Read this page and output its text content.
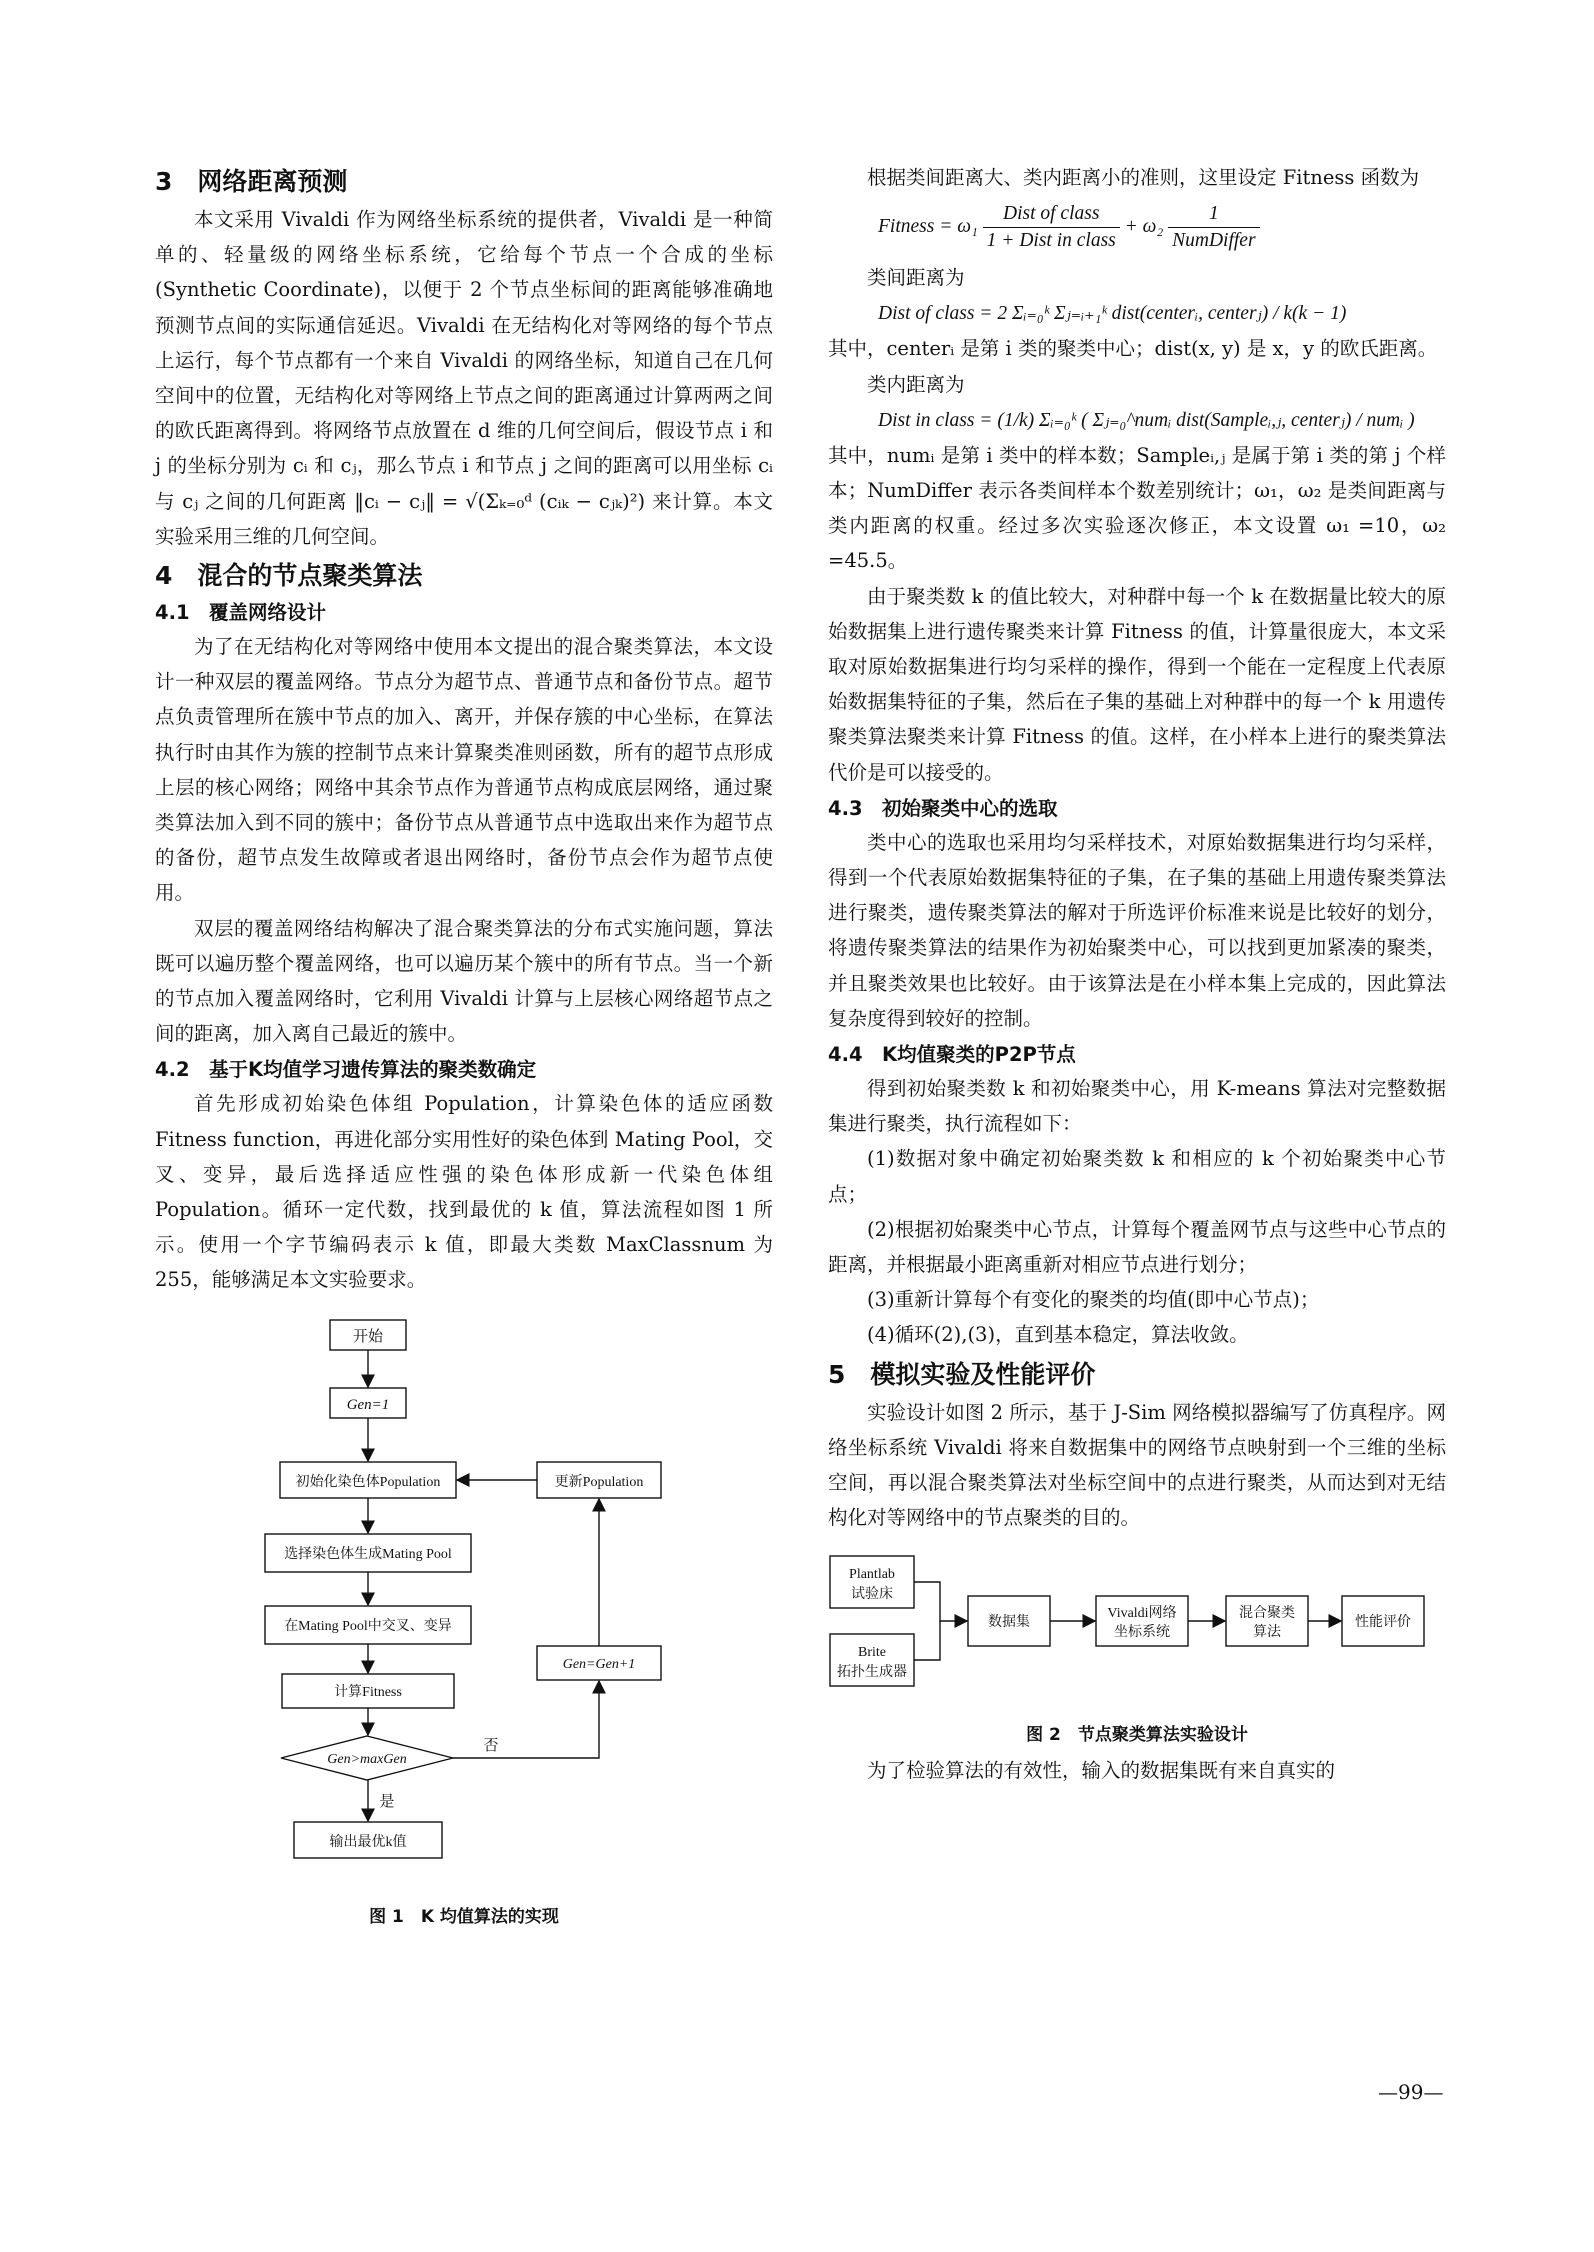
3　网络距离预测

本文采用 Vivaldi 作为网络坐标系统的提供者，Vivaldi 是一种简单的、轻量级的网络坐标系统，它给每个节点一个合成的坐标(Synthetic Coordinate)，以便于 2 个节点坐标间的距离能够准确地预测节点间的实际通信延迟。Vivaldi 在无结构化对等网络的每个节点上运行，每个节点都有一个来自 Vivaldi 的网络坐标，知道自己在几何空间中的位置，无结构化对等网络上节点之间的距离通过计算两两之间的欧氏距离得到。将网络节点放置在 d 维的几何空间后，假设节点 i 和 j 的坐标分别为 cᵢ 和 cⱼ，那么节点 i 和节点 j 之间的距离可以用坐标 cᵢ 与 cⱼ 之间的几何距离 ‖cᵢ − cⱼ‖ = √(Σₖ₌₀ᵈ (cᵢₖ − cⱼₖ)²) 来计算。本文实验采用三维的几何空间。

4　混合的节点聚类算法
4.1　覆盖网络设计

为了在无结构化对等网络中使用本文提出的混合聚类算法，本文设计一种双层的覆盖网络。节点分为超节点、普通节点和备份节点。超节点负责管理所在簇中节点的加入、离开，并保存簇的中心坐标，在算法执行时由其作为簇的控制节点来计算聚类准则函数，所有的超节点形成上层的核心网络；网络中其余节点作为普通节点构成底层网络，通过聚类算法加入到不同的簇中；备份节点从普通节点中选取出来作为超节点的备份，超节点发生故障或者退出网络时，备份节点会作为超节点使用。

双层的覆盖网络结构解决了混合聚类算法的分布式实施问题，算法既可以遍历整个覆盖网络，也可以遍历某个簇中的所有节点。当一个新的节点加入覆盖网络时，它利用 Vivaldi 计算与上层核心网络超节点之间的距离，加入离自己最近的簇中。

4.2　基于K均值学习遗传算法的聚类数确定

首先形成初始染色体组 Population，计算染色体的适应函数 Fitness function，再进化部分实用性好的染色体到 Mating Pool，交叉、变异，最后选择适应性强的染色体形成新一代染色体组 Population。循环一定代数，找到最优的 k 值，算法流程如图 1 所示。使用一个字节编码表示 k 值，即最大类数 MaxClassnum 为 255，能够满足本文实验要求。

开始
Gen=1
初始化染色体Population	更新Population
选择染色体生成Mating Pool
在Mating Pool中交叉、变异
Gen=Gen+1
计算Fitness
Gen>maxGen
否
是
输出最优k值
图 1　K 均值算法的实现

根据类间距离大、类内距离小的准则，这里设定 Fitness 函数为

Fitness = $\omega_1 \frac{\text{Dist of class}}{\text{1 + Dist in class}} + \omega_2 \frac{1}{\text{NumDiffer}}$

类间距离为

Dist of class = 2 Σᵢ₌₀ᵏ Σⱼ₌ᵢ₊₁ᵏ dist(centerᵢ, centerⱼ) / k(k − 1)

其中，centerᵢ 是第 i 类的聚类中心；dist(x, y) 是 x，y 的欧氏距离。

类内距离为

Dist in class = (1/k) Σᵢ₌₀ᵏ ( Σⱼ₌₀^numᵢ dist(Sampleᵢ,ⱼ, centerⱼ) / numᵢ )

其中，numᵢ 是第 i 类中的样本数；Sampleᵢ,ⱼ 是属于第 i 类的第 j 个样本；NumDiffer 表示各类间样本个数差别统计；ω₁，ω₂ 是类间距离与类内距离的权重。经过多次实验逐次修正，本文设置 ω₁ =10，ω₂ =45.5。

由于聚类数 k 的值比较大，对种群中每一个 k 在数据量比较大的原始数据集上进行遗传聚类来计算 Fitness 的值，计算量很庞大，本文采取对原始数据集进行均匀采样的操作，得到一个能在一定程度上代表原始数据集特征的子集，然后在子集的基础上对种群中的每一个 k 用遗传聚类算法聚类来计算 Fitness 的值。这样，在小样本上进行的聚类算法代价是可以接受的。

4.3　初始聚类中心的选取

类中心的选取也采用均匀采样技术，对原始数据集进行均匀采样，得到一个代表原始数据集特征的子集，在子集的基础上用遗传聚类算法进行聚类，遗传聚类算法的解对于所选评价标准来说是比较好的划分，将遗传聚类算法的结果作为初始聚类中心，可以找到更加紧凑的聚类，并且聚类效果也比较好。由于该算法是在小样本集上完成的，因此算法复杂度得到较好的控制。

4.4　K均值聚类的P2P节点

得到初始聚类数 k 和初始聚类中心，用 K-means 算法对完整数据集进行聚类，执行流程如下：

(1)数据对象中确定初始聚类数 k 和相应的 k 个初始聚类中心节点；

(2)根据初始聚类中心节点，计算每个覆盖网节点与这些中心节点的距离，并根据最小距离重新对相应节点进行划分；

(3)重新计算每个有变化的聚类的均值(即中心节点)；

(4)循环(2),(3)，直到基本稳定，算法收敛。

5　模拟实验及性能评价

实验设计如图 2 所示，基于 J-Sim 网络模拟器编写了仿真程序。网络坐标系统 Vivaldi 将来自数据集中的网络节点映射到一个三维的坐标空间，再以混合聚类算法对坐标空间中的点进行聚类，从而达到对无结构化对等网络中的节点聚类的目的。

Plantlab
试验床
Brite
拓扑生成器
数据集
Vivaldi网络
坐标系统
混合聚类
算法
性能评价
图 2　节点聚类算法实验设计

为了检验算法的有效性，输入的数据集既有来自真实的

—99—
